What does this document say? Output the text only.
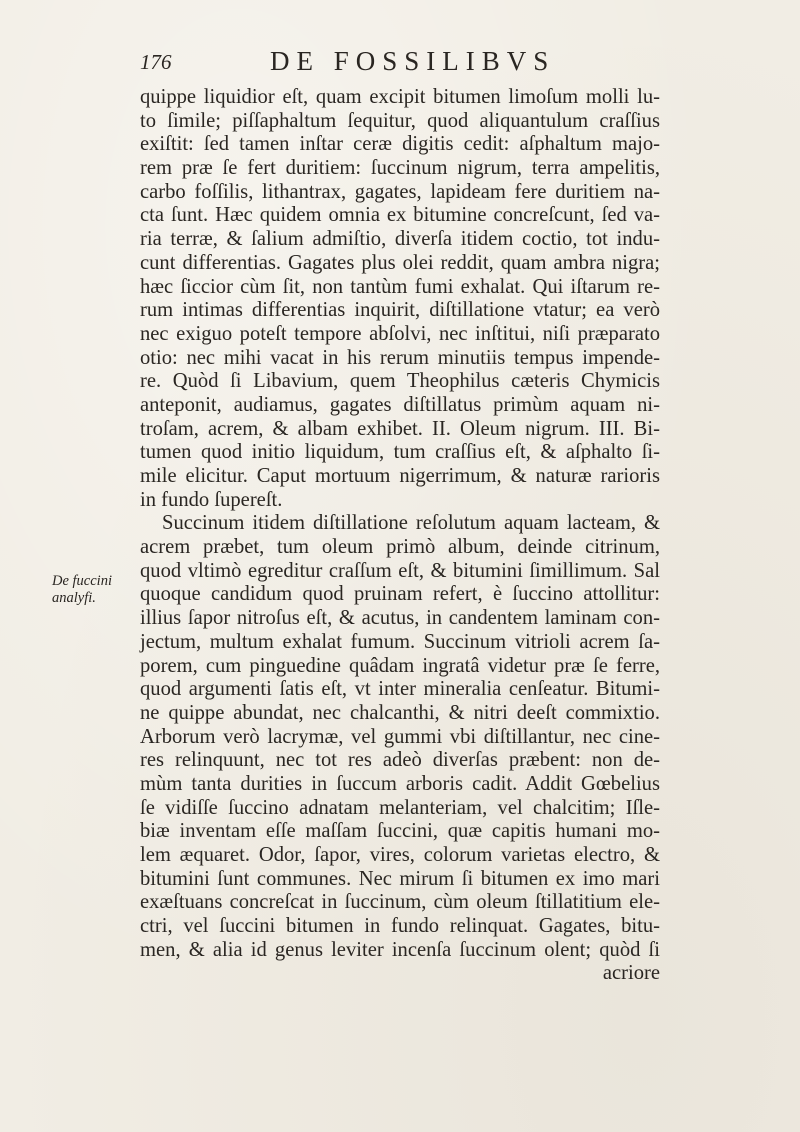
176	DE FOSSILIBVS
De fuccini
analyfi.
quippe liquidior eſt, quam excipit bitumen limoſum molli lu-
to ſimile; piſſaphaltum ſequitur, quod aliquantulum craſſius
exiſtit: ſed tamen inſtar ceræ digitis cedit: aſphaltum majo-
rem præ ſe fert duritiem: ſuccinum nigrum, terra ampelitis,
carbo foſſilis, lithantrax, gagates, lapideam fere duritiem na-
cta ſunt. Hæc quidem omnia ex bitumine concreſcunt, ſed va-
ria terræ, & ſalium admiſtio, diverſa itidem coctio, tot indu-
cunt differentias. Gagates plus olei reddit, quam ambra nigra;
hæc ſiccior cùm ſit, non tantùm fumi exhalat. Qui iſtarum re-
rum intimas differentias inquirit, diſtillatione vtatur; ea verò
nec exiguo poteſt tempore abſolvi, nec inſtitui, niſi præparato
otio: nec mihi vacat in his rerum minutiis tempus impende-
re. Quòd ſi Libavium, quem Theophilus cæteris Chymicis
anteponit, audiamus, gagates diſtillatus primùm aquam ni-
troſam, acrem, & albam exhibet. II. Oleum nigrum. III. Bi-
tumen quod initio liquidum, tum craſſius eſt, & aſphalto ſi-
mile elicitur. Caput mortuum nigerrimum, & naturæ rarioris
in fundo ſupereſt.
Succinum itidem diſtillatione reſolutum aquam lacteam, &
acrem præbet, tum oleum primò album, deinde citrinum,
quod vltimò egreditur craſſum eſt, & bitumini ſimillimum. Sal
quoque candidum quod pruinam refert, è ſuccino attollitur:
illius ſapor nitroſus eſt, & acutus, in candentem laminam con-
jectum, multum exhalat fumum. Succinum vitrioli acrem ſa-
porem, cum pinguedine quâdam ingratâ videtur præ ſe ferre,
quod argumenti ſatis eſt, vt inter mineralia cenſeatur. Bitumi-
ne quippe abundat, nec chalcanthi, & nitri deeſt commixtio.
Arborum verò lacrymæ, vel gummi vbi diſtillantur, nec cine-
res relinquunt, nec tot res adeò diverſas præbent: non de-
mùm tanta durities in ſuccum arboris cadit. Addit Gœbelius
ſe vidiſſe ſuccino adnatam melanteriam, vel chalcitim; Iſle-
biæ inventam eſſe maſſam ſuccini, quæ capitis humani mo-
lem æquaret. Odor, ſapor, vires, colorum varietas electro, &
bitumini ſunt communes. Nec mirum ſi bitumen ex imo mari
exæſtuans concreſcat in ſuccinum, cùm oleum ſtillatitium ele-
ctri, vel ſuccini bitumen in fundo relinquat. Gagates, bitu-
men, & alia id genus leviter incenſa ſuccinum olent; quòd ſi
acriore
